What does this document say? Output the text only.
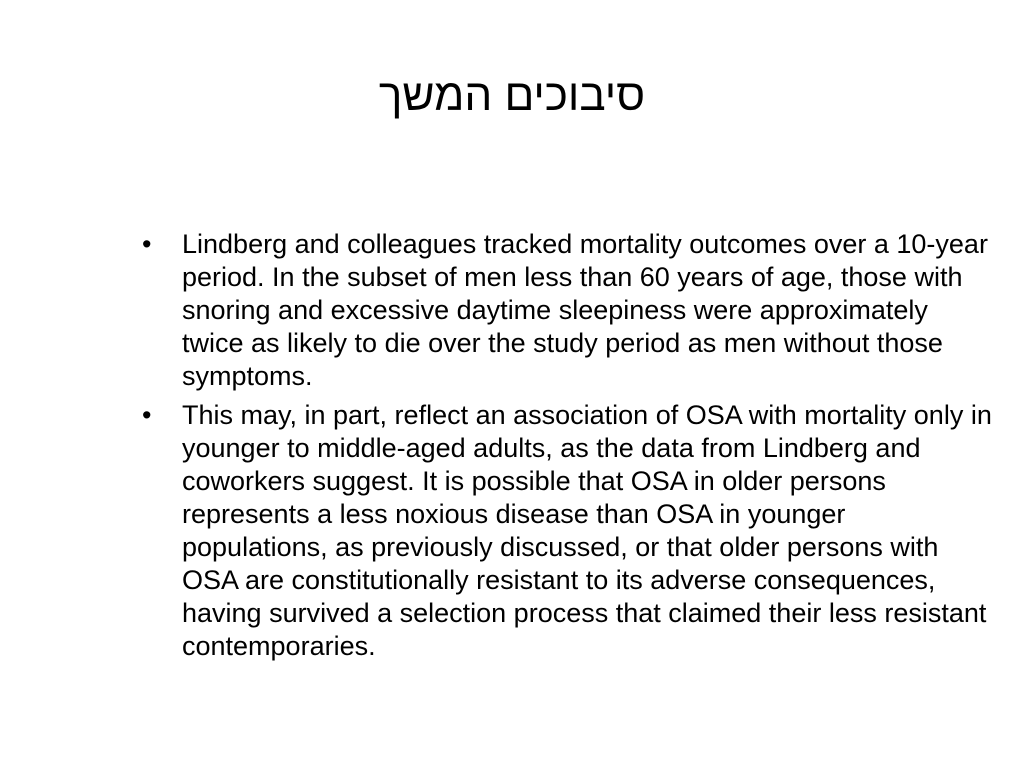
סיבוכים המשך
•	Lindberg and colleagues tracked mortality outcomes over a 10-year period. In the subset of men less than 60 years of age, those with snoring and excessive daytime sleepiness were approximately twice as likely to die over the study period as men without those symptoms.
•	This may, in part, reflect an association of OSA with mortality only in younger to middle-aged adults, as the data from Lindberg and coworkers suggest. It is possible that OSA in older persons represents a less noxious disease than OSA in younger populations, as previously discussed, or that older persons with OSA are constitutionally resistant to its adverse consequences, having survived a selection process that claimed their less resistant contemporaries.
